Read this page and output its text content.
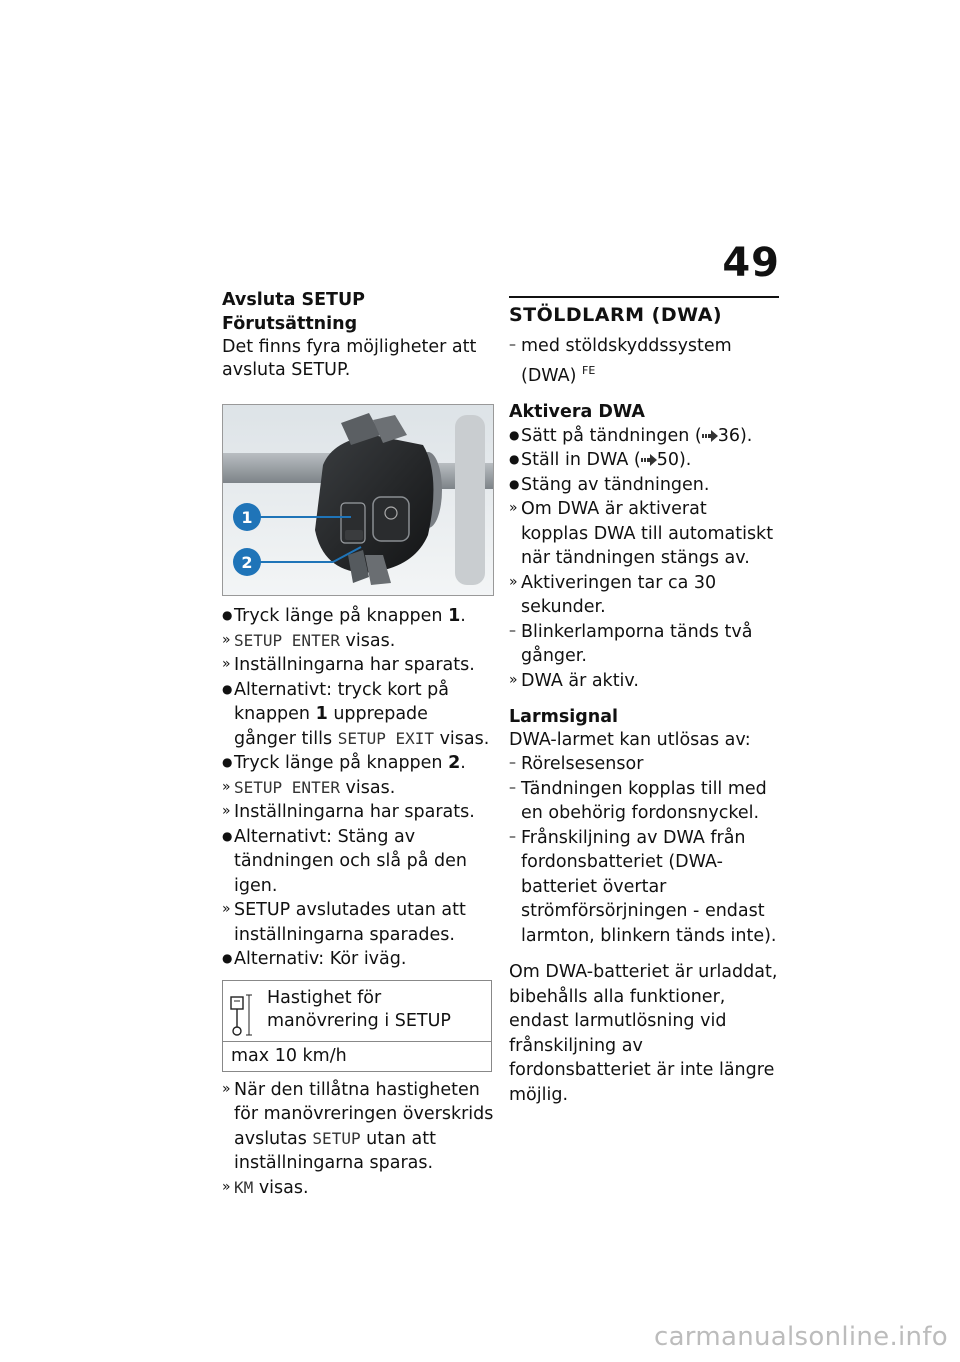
49

Avsluta SETUP

Förutsättning

Det finns fyra möjligheter att avsluta SETUP.

1
2
● Tryck länge på knappen 1.
» SETUP ENTER visas.
» Inställningarna har sparats.
● Alternativt: tryck kort på knappen 1 upprepade gånger tills SETUP EXIT visas.
● Tryck länge på knappen 2.
» SETUP ENTER visas.
» Inställningarna har sparats.
● Alternativt: Stäng av tändningen och slå på den igen.
» SETUP avslutades utan att inställningarna sparades.
● Alternativ: Kör iväg.
Hastighet för manövrering i SETUP
max 10 km/h
» När den tillåtna hastigheten för manövreringen överskrids avslutas SETUP utan att inställningarna sparas.
» KM visas.
STÖLDLARM (DWA)
– med stöldskyddssystem (DWA) $^{FE}$

Aktivera DWA

● Sätt på tändningen ( 36).
● Ställ in DWA ( 50).
● Stäng av tändningen.
» Om DWA är aktiverat kopplas DWA till automatiskt när tändningen stängs av.
» Aktiveringen tar ca 30 sekunder.
– Blinkerlamporna tänds två gånger.
» DWA är aktiv.

Larmsignal

DWA-larmet kan utlösas av:

– Rörelsesensor
– Tändningen kopplas till med en obehörig fordonsnyckel.
– Frånskiljning av DWA från fordonsbatteriet (DWA-batteriet övertar strömförsörjningen - endast larmton, blinkern tänds inte).

Om DWA-batteriet är urladdat, bibehålls alla funktioner, endast larmutlösning vid frånskiljning av fordonsbatteriet är inte längre möjlig.

carmanualsonline.info
